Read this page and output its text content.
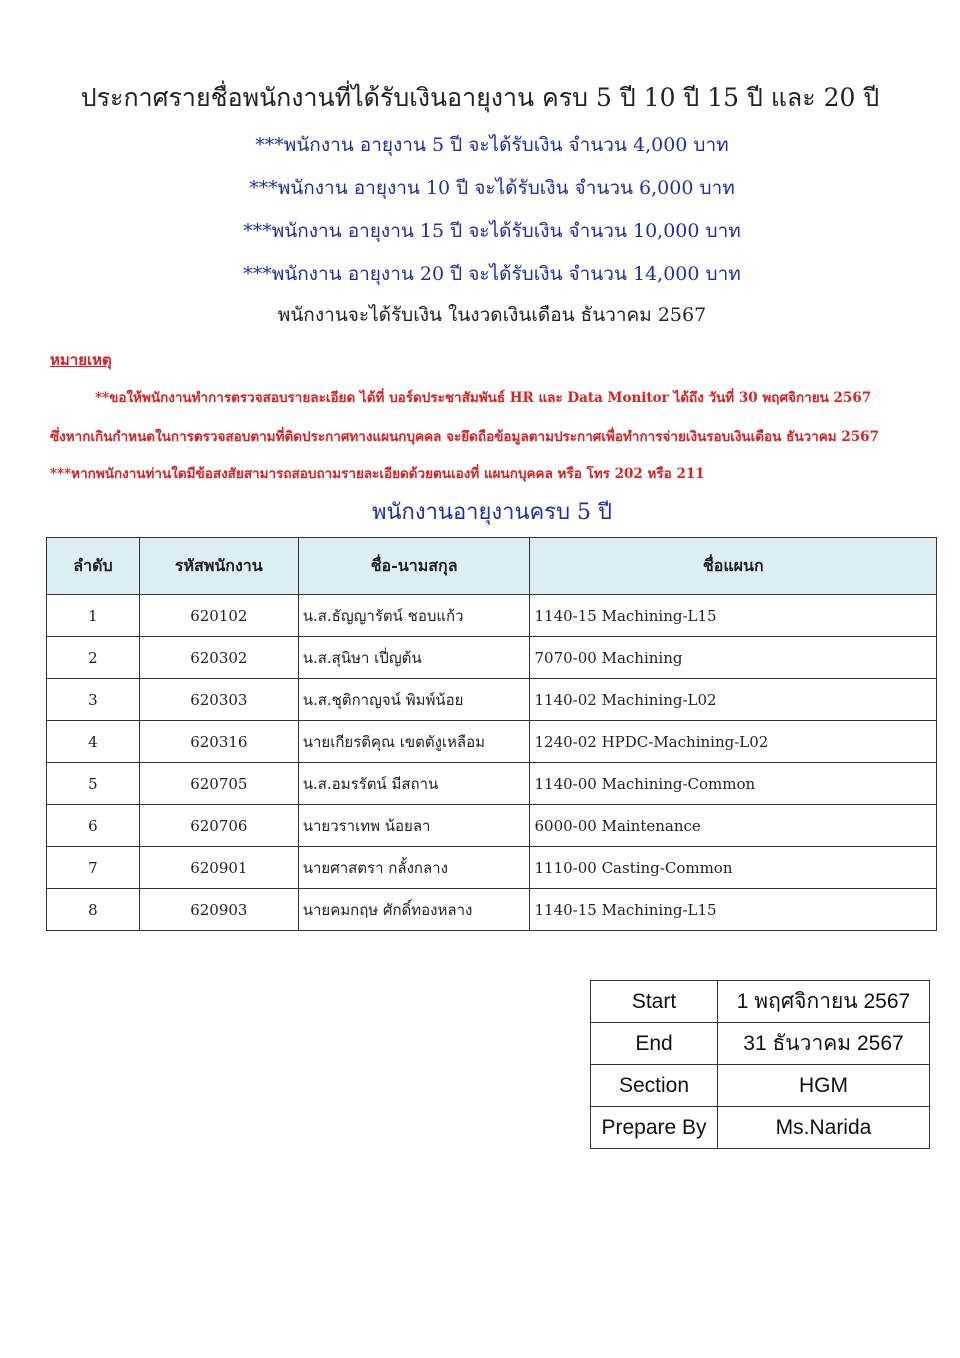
ประกาศรายชื่อพนักงานที่ได้รับเงินอายุงาน ครบ 5 ปี 10 ปี 15 ปี และ 20 ปี
***พนักงาน อายุงาน 5 ปี จะได้รับเงิน จำนวน 4,000 บาท
***พนักงาน อายุงาน 10 ปี จะได้รับเงิน จำนวน 6,000 บาท
***พนักงาน อายุงาน 15 ปี จะได้รับเงิน จำนวน 10,000 บาท
***พนักงาน อายุงาน 20 ปี จะได้รับเงิน จำนวน 14,000 บาท
พนักงานจะได้รับเงิน ในงวดเงินเดือน ธันวาคม 2567
หมายเหตุ
**ขอให้พนักงานทำการตรวจสอบรายละเอียด ได้ที่ บอร์ดประชาสัมพันธ์ HR และ Data Monitor ได้ถึง วันที่ 30 พฤศจิกายน 2567
ซึ่งหากเกินกำหนดในการตรวจสอบตามที่ติดประกาศทางแผนกบุคคล จะยึดถือข้อมูลตามประกาศเพื่อทำการจ่ายเงินรอบเงินเดือน ธันวาคม 2567
***หากพนักงานท่านใดมีข้อสงสัยสามารถสอบถามรายละเอียดด้วยตนเองที่ แผนกบุคคล หรือ โทร 202 หรือ 211
พนักงานอายุงานครบ 5 ปี
ลำดับ	รหัสพนักงาน	ชื่อ-นามสกุล	ชื่อแผนก
1	620102	น.ส.ธัญญารัตน์ ชอบแก้ว	1140-15 Machining-L15
2	620302	น.ส.สุนิษา เปี่ญต้น	7070-00 Machining
3	620303	น.ส.ชุติกาญจน์ พิมพ์น้อย	1140-02 Machining-L02
4	620316	นายเกียรติคุณ เขตตังูเหลือม	1240-02 HPDC-Machining-L02
5	620705	น.ส.อมรรัตน์ มีสถาน	1140-00 Machining-Common
6	620706	นายวราเทพ น้อยลา	6000-00 Maintenance
7	620901	นายศาสตรา กลั้งกลาง	1110-00 Casting-Common
8	620903	นายคมกฤษ ศักดิ์ทองหลาง	1140-15 Machining-L15
Start	1 พฤศจิกายน 2567
End	31 ธันวาคม 2567
Section	HGM
Prepare By	Ms.Narida
